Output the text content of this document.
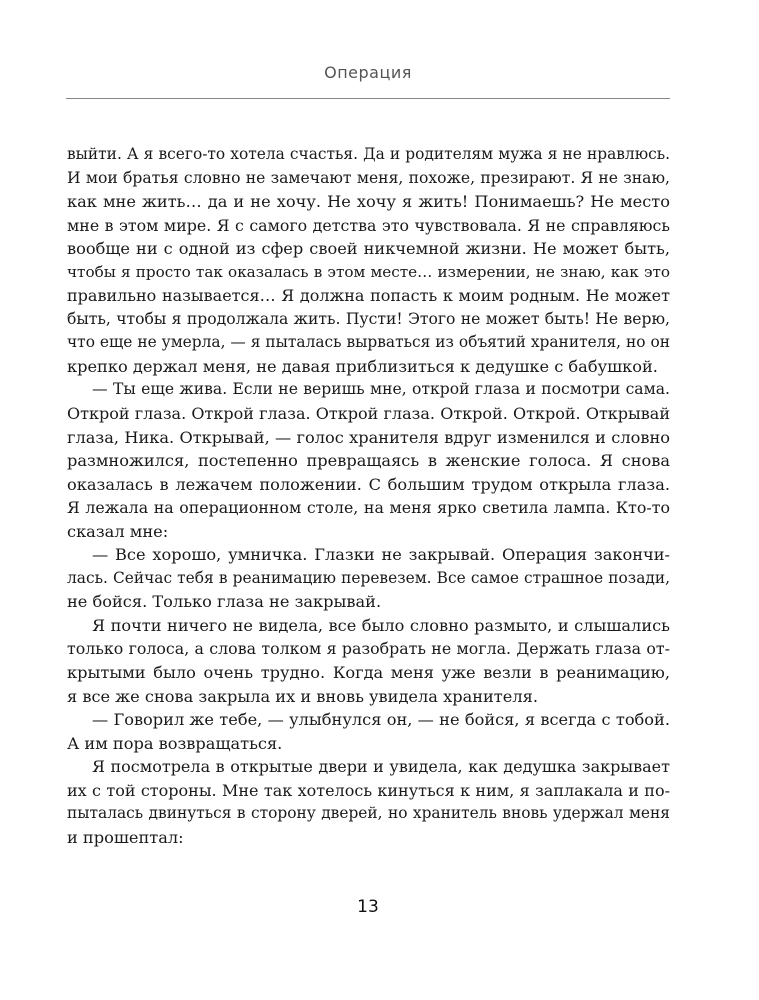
Операция
выйти. А я всего-то хотела счастья. Да и родителям мужа я не нравлюсь.
И мои братья словно не замечают меня, похоже, презирают. Я не знаю,
как мне жить… да и не хочу. Не хочу я жить! Понимаешь? Не место
мне в этом мире. Я с самого детства это чувствовала. Я не справляюсь
вообще ни с одной из сфер своей никчемной жизни. Не может быть,
чтобы я просто так оказалась в этом месте… измерении, не знаю, как это
правильно называется… Я должна попасть к моим родным. Не может
быть, чтобы я продолжала жить. Пусти! Этого не может быть! Не верю,
что еще не умерла, — я пыталась вырваться из объятий хранителя, но он
крепко держал меня, не давая приблизиться к дедушке с бабушкой.
— Ты еще жива. Если не веришь мне, открой глаза и посмотри сама.
Открой глаза. Открой глаза. Открой глаза. Открой. Открой. Открывай
глаза, Ника. Открывай, — голос хранителя вдруг изменился и словно
размножился, постепенно превращаясь в женские голоса. Я снова
оказалась в лежачем положении. С большим трудом открыла глаза.
Я лежала на операционном столе, на меня ярко светила лампа. Кто-то
сказал мне:
— Все хорошо, умничка. Глазки не закрывай. Операция закончи-
лась. Сейчас тебя в реанимацию перевезем. Все самое страшное позади,
не бойся. Только глаза не закрывай.
Я почти ничего не видела, все было словно размыто, и слышались
только голоса, а слова толком я разобрать не могла. Держать глаза от-
крытыми было очень трудно. Когда меня уже везли в реанимацию,
я все же снова закрыла их и вновь увидела хранителя.
— Говорил же тебе, — улыбнулся он, — не бойся, я всегда с тобой.
А им пора возвращаться.
Я посмотрела в открытые двери и увидела, как дедушка закрывает
их с той стороны. Мне так хотелось кинуться к ним, я заплакала и по-
пыталась двинуться в сторону дверей, но хранитель вновь удержал меня
и прошептал:
13
